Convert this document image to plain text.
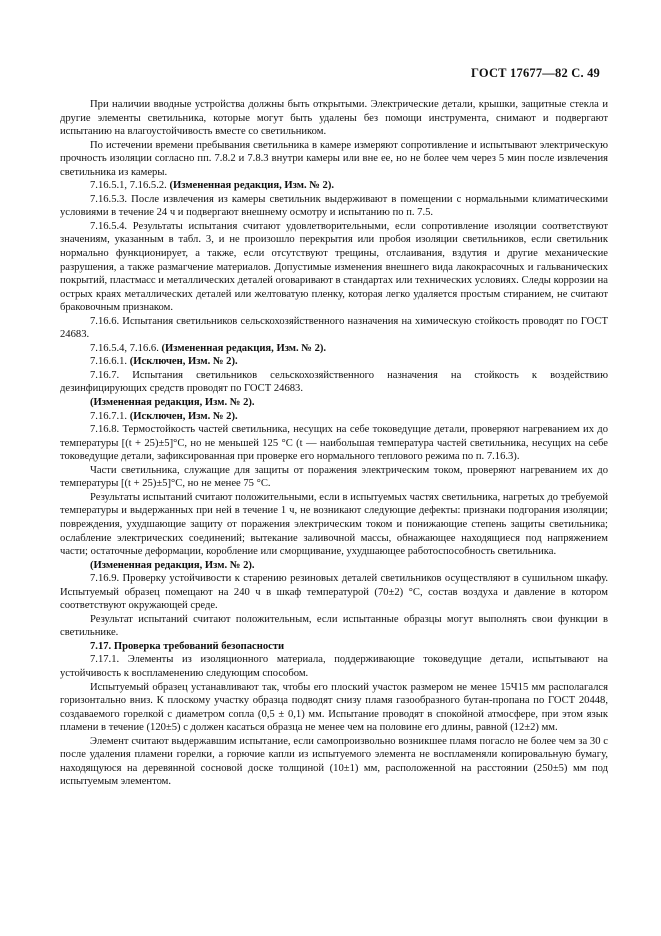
ГОСТ 17677—82 С. 49

При наличии вводные устройства должны быть открытыми. Электрические детали, крышки, защитные стекла и другие элементы светильника, которые могут быть удалены без помощи инструмента, снимают и подвергают испытанию на влагоустойчивость вместе со светильником.

По истечении времени пребывания светильника в камере измеряют сопротивление и испытывают электрическую прочность изоляции согласно пп. 7.8.2 и 7.8.3 внутри камеры или вне ее, но не более чем через 5 мин после извлечения светильника из камеры.

7.16.5.1, 7.16.5.2. (Измененная редакция, Изм. № 2).

7.16.5.3. После извлечения из камеры светильник выдерживают в помещении с нормальными климатическими условиями в течение 24 ч и подвергают внешнему осмотру и испытанию по п. 7.5.

7.16.5.4. Результаты испытания считают удовлетворительными, если сопротивление изоляции соответствуют значениям, указанным в табл. 3, и не произошло перекрытия или пробоя изоляции светильников, если светильник нормально функционирует, а также, если отсутствуют трещины, отслаивания, вздутия и другие механические разрушения, а также размагчение материалов. Допустимые изменения внешнего вида лакокрасочных и гальванических покрытий, пластмасс и металлических деталей оговаривают в стандартах или технических условиях. Следы коррозии на острых краях металлических деталей или желтоватую пленку, которая легко удаляется простым стиранием, не считают браковочным признаком.

7.16.6. Испытания светильников сельскохозяйственного назначения на химическую стойкость проводят по ГОСТ 24683.

7.16.5.4, 7.16.6. (Измененная редакция, Изм. № 2).

7.16.6.1. (Исключен, Изм. № 2).

7.16.7. Испытания светильников сельскохозяйственного назначения на стойкость к воздействию дезинфицирующих средств проводят по ГОСТ 24683.

(Измененная редакция, Изм. № 2).

7.16.7.1. (Исключен, Изм. № 2).

7.16.8. Термостойкость частей светильника, несущих на себе токоведущие детали, проверяют нагреванием их до температуры [(t + 25)±5]°С, но не меньшей 125 °С (t — наибольшая температура частей светильника, несущих на себе токоведущие детали, зафиксированная при проверке его нормального теплового режима по п. 7.16.3).

Части светильника, служащие для защиты от поражения электрическим током, проверяют нагреванием их до температуры [(t + 25)±5]°С, но не менее 75 °С.

Результаты испытаний считают положительными, если в испытуемых частях светильника, нагретых до требуемой температуры и выдержанных при ней в течение 1 ч, не возникают следующие дефекты: признаки подгорания изоляции; повреждения, ухудшающие защиту от поражения электрическим током и понижающие степень защиты светильника; ослабление электрических соединений; вытекание заливочной массы, обнажающее находящиеся под напряжением части; остаточные деформации, коробление или сморщивание, ухудшающее работоспособность светильника.

(Измененная редакция, Изм. № 2).

7.16.9. Проверку устойчивости к старению резиновых деталей светильников осуществляют в сушильном шкафу. Испытуемый образец помещают на 240 ч в шкаф температурой (70±2) °С, состав воздуха и давление в котором соответствуют окружающей среде.

Результат испытаний считают положительным, если испытанные образцы могут выполнять свои функции в светильнике.

7.17. Проверка требований безопасности

7.17.1. Элементы из изоляционного материала, поддерживающие токоведущие детали, испытывают на устойчивость к воспламенению следующим способом.

Испытуемый образец устанавливают так, чтобы его плоский участок размером не менее 15Ч15 мм располагался горизонтально вниз. К плоскому участку образца подводят снизу пламя газообразного бутан-пропана по ГОСТ 20448, создаваемого горелкой с диаметром сопла (0,5 ± 0,1) мм. Испытание проводят в спокойной атмосфере, при этом язык пламени в течение (120±5) с должен касаться образца не менее чем на половине его длины, равной (12±2) мм.

Элемент считают выдержавшим испытание, если самопроизвольно возникшее пламя погасло не более чем за 30 с после удаления пламени горелки, а горючие капли из испытуемого элемента не воспламеняли копировальную бумагу, находящуюся на деревянной сосновой доске толщиной (10±1) мм, расположенной на расстоянии (250±5) мм под испытуемым элементом.
